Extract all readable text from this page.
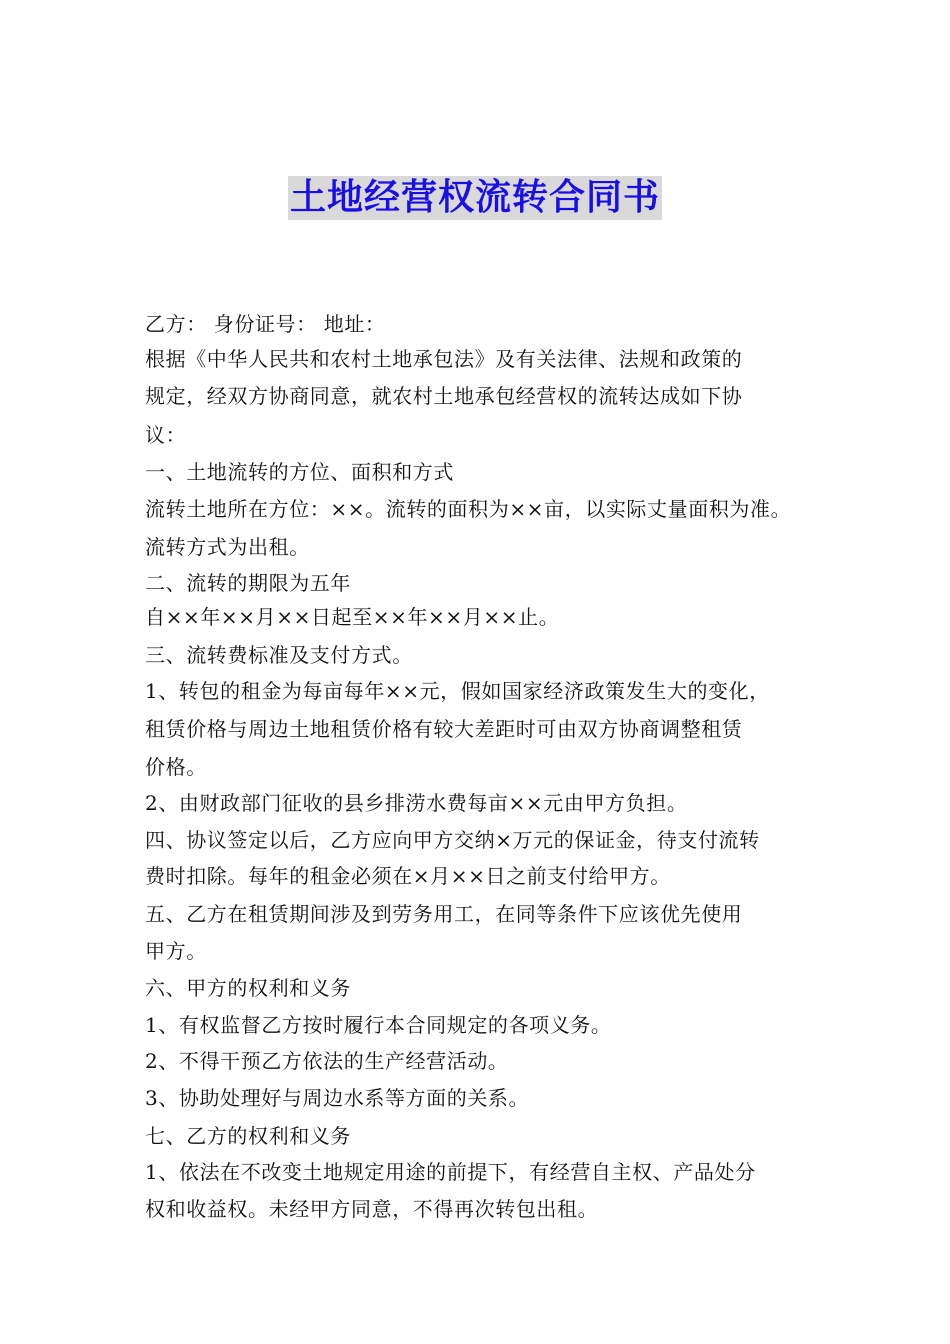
土地经营权流转合同书
乙方： 身份证号： 地址：
根据《中华人民共和农村土地承包法》及有关法律、法规和政策的
规定，经双方协商同意，就农村土地承包经营权的流转达成如下协
议：
一、土地流转的方位、面积和方式
流转土地所在方位：××。流转的面积为××亩，以实际丈量面积为准。
流转方式为出租。
二、流转的期限为五年
自××年××月××日起至××年××月××止。
三、流转费标准及支付方式。
1、转包的租金为每亩每年××元，假如国家经济政策发生大的变化，
租赁价格与周边土地租赁价格有较大差距时可由双方协商调整租赁
价格。
2、由财政部门征收的县乡排涝水费每亩××元由甲方负担。
四、协议签定以后，乙方应向甲方交纳×万元的保证金，待支付流转
费时扣除。每年的租金必须在×月××日之前支付给甲方。
五、乙方在租赁期间涉及到劳务用工，在同等条件下应该优先使用
甲方。
六、甲方的权利和义务
1、有权监督乙方按时履行本合同规定的各项义务。
2、不得干预乙方依法的生产经营活动。
3、协助处理好与周边水系等方面的关系。
七、乙方的权利和义务
1、依法在不改变土地规定用途的前提下，有经营自主权、产品处分
权和收益权。未经甲方同意，不得再次转包出租。
